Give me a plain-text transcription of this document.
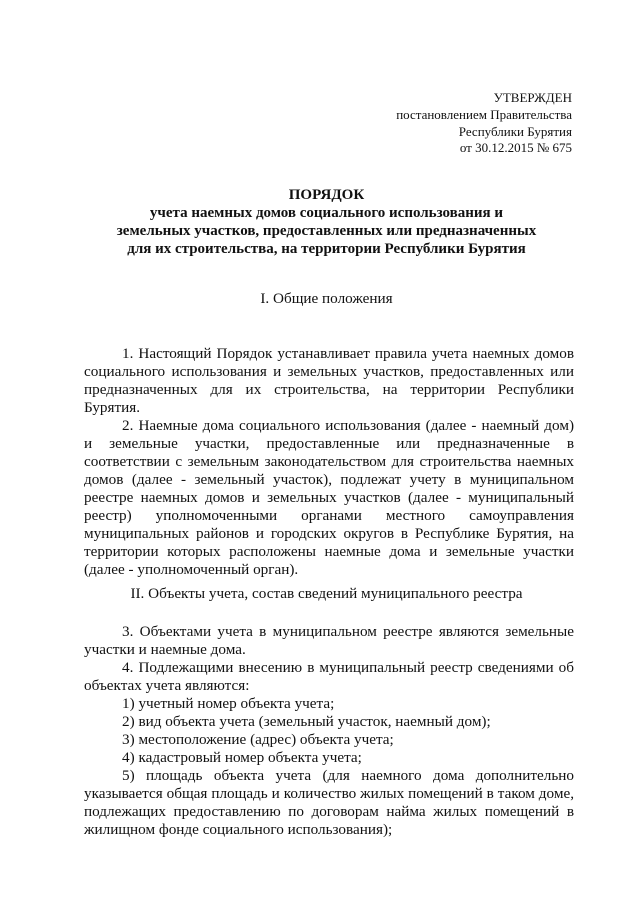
УТВЕРЖДЕН
постановлением Правительства
Республики Бурятия
от 30.12.2015 № 675
ПОРЯДОК
учета наемных домов социального использования и
земельных участков, предоставленных или предназначенных
для их строительства, на территории Республики Бурятия
I. Общие положения

1. Настоящий Порядок устанавливает правила учета наемных домов социального использования и земельных участков, предоставленных или предназначенных для их строительства, на территории Республики Бурятия.

2. Наемные дома социального использования (далее - наемный дом) и земельные участки, предоставленные или предназначенные в соответствии с земельным законодательством для строительства наемных домов (далее - земельный участок), подлежат учету в муниципальном реестре наемных домов и земельных участков (далее - муниципальный реестр) уполномоченными органами местного самоуправления муниципальных районов и городских округов в Республике Бурятия, на территории которых расположены наемные дома и земельные участки (далее - уполномоченный орган).

II. Объекты учета, состав сведений муниципального реестра

3. Объектами учета в муниципальном реестре являются земельные участки и наемные дома.

4. Подлежащими внесению в муниципальный реестр сведениями об объектах учета являются:

1) учетный номер объекта учета;

2) вид объекта учета (земельный участок, наемный дом);

3) местоположение (адрес) объекта учета;

4) кадастровый номер объекта учета;

5) площадь объекта учета (для наемного дома дополнительно указывается общая площадь и количество жилых помещений в таком доме, подлежащих предоставлению по договорам найма жилых помещений в жилищном фонде социального использования);
